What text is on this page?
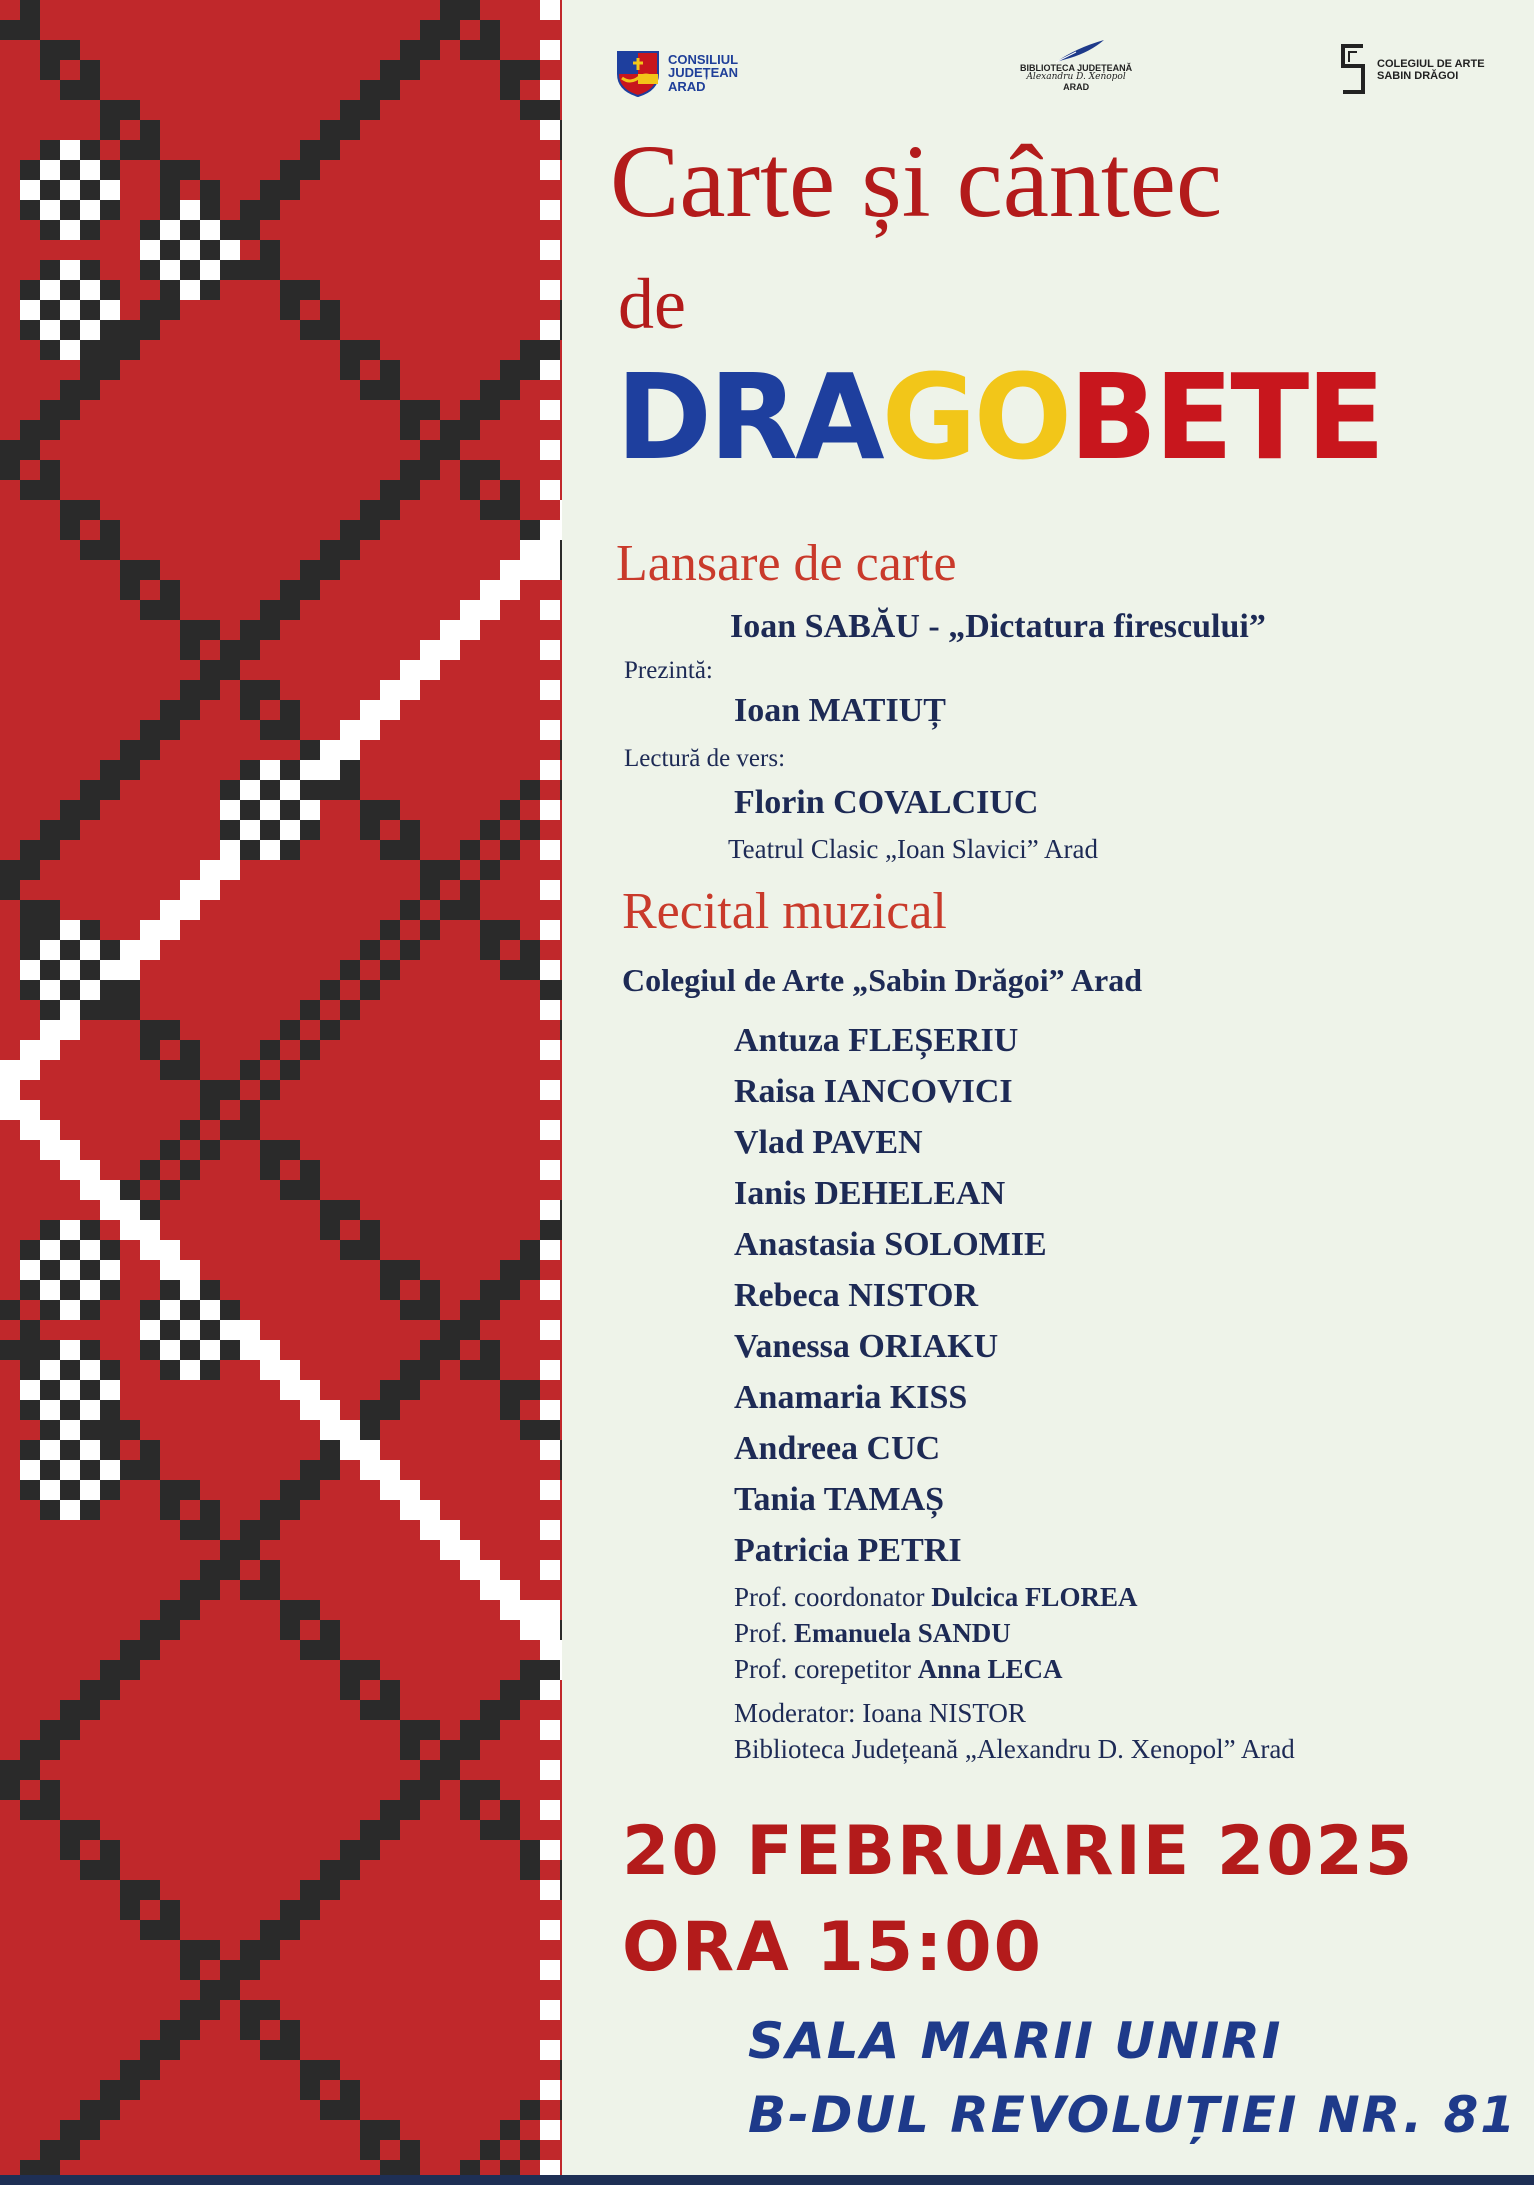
CONSILIUL JUDEȚEAN ARAD
BIBLIOTECA JUDEȚEANĂ
Alexandru D. Xenopol
ARAD
COLEGIUL DE ARTE SABIN DRĂGOI
Carte și cântec
de
DRAGOBETE
Lansare de carte
Ioan SABĂU - „Dictatura firescului”
Prezintă:
Ioan MATIUȚ
Lectură de vers:
Florin COVALCIUC
Teatrul Clasic „Ioan Slavici” Arad
Recital muzical
Colegiul de Arte „Sabin Drăgoi” Arad
Antuza FLEȘERIU
Raisa IANCOVICI
Vlad PAVEN
Ianis DEHELEAN
Anastasia SOLOMIE
Rebeca NISTOR
Vanessa ORIAKU
Anamaria KISS
Andreea CUC
Tania TAMAȘ
Patricia PETRI
Prof. coordonator Dulcica FLOREA
Prof. Emanuela SANDU
Prof. corepetitor Anna LECA
Moderator: Ioana NISTOR
Biblioteca Județeană „Alexandru D. Xenopol” Arad
20 FEBRUARIE 2025
ORA 15:00
SALA MARII UNIRI
B-DUL REVOLUȚIEI NR. 81
